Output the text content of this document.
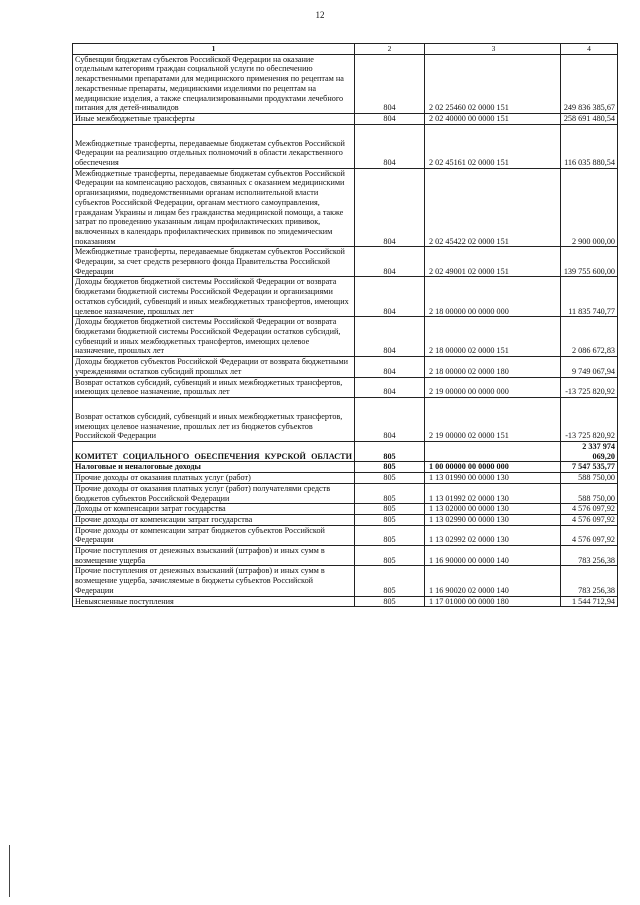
12
1	2	3	4
Субвенции бюджетам субъектов Российской Федерации на оказание отдельным категориям граждан социальной услуги по обеспечению лекарственными препаратами для медицинского применения по рецептам на лекарственные препараты, медицинскими изделиями по рецептам на медицинские изделия, а также специализированными продуктами лечебного питания для детей-инвалидов	804	2 02 25460 02 0000 151	249 836 385,67
Иные межбюджетные трансферты	804	2 02 40000 00 0000 151	258 691 480,54
Межбюджетные трансферты, передаваемые бюджетам субъектов Российской Федерации на реализацию отдельных полномочий в области лекарственного обеспечения	804	2 02 45161 02 0000 151	116 035 880,54
Межбюджетные трансферты, передаваемые бюджетам субъектов Российской Федерации на компенсацию расходов, связанных с оказанием медицинскими организациями, подведомственными органам исполнительной власти субъектов Российской Федерации, органам местного самоуправления, гражданам Украины и лицам без гражданства медицинской помощи, а также затрат по проведению указанным лицам профилактических прививок, включенных в календарь профилактических прививок по эпидемическим показаниям	804	2 02 45422 02 0000 151	2 900 000,00
Межбюджетные трансферты, передаваемые бюджетам субъектов Российской Федерации, за счет средств резервного фонда Правительства Российской Федерации	804	2 02 49001 02 0000 151	139 755 600,00
Доходы бюджетов бюджетной системы Российской Федерации от возврата бюджетами бюджетной системы Российской Федерации и организациями остатков субсидий, субвенций и иных межбюджетных трансфертов, имеющих целевое назначение, прошлых лет	804	2 18 00000 00 0000 000	11 835 740,77
Доходы бюджетов бюджетной системы Российской Федерации от возврата бюджетами бюджетной системы Российской Федерации остатков субсидий, субвенций и иных межбюджетных трансфертов, имеющих целевое назначение, прошлых лет	804	2 18 00000 02 0000 151	2 086 672,83
Доходы бюджетов субъектов Российской Федерации от возврата бюджетными учреждениями остатков субсидий прошлых лет	804	2 18 00000 02 0000 180	9 749 067,94
Возврат остатков субсидий, субвенций и иных межбюджетных трансфертов, имеющих целевое назначение, прошлых лет	804	2 19 00000 00 0000 000	-13 725 820,92
Возврат остатков субсидий, субвенций и иных межбюджетных трансфертов, имеющих целевое назначение, прошлых лет из бюджетов субъектов Российской Федерации	804	2 19 00000 02 0000 151	-13 725 820,92
КОМИТЕТ СОЦИАЛЬНОГО ОБЕСПЕЧЕНИЯ КУРСКОЙ ОБЛАСТИ	805		2 337 974 069,20
Налоговые и неналоговые доходы	805	1 00 00000 00 0000 000	7 547 535,77
Прочие доходы от оказания платных услуг (работ)	805	1 13 01990 00 0000 130	588 750,00
Прочие доходы от оказания платных услуг (работ) получателями средств бюджетов субъектов Российской Федерации	805	1 13 01992 02 0000 130	588 750,00
Доходы от компенсации затрат государства	805	1 13 02000 00 0000 130	4 576 097,92
Прочие доходы от компенсации затрат государства	805	1 13 02990 00 0000 130	4 576 097,92
Прочие доходы от компенсации затрат бюджетов субъектов Российской Федерации	805	1 13 02992 02 0000 130	4 576 097,92
Прочие поступления от денежных взысканий (штрафов) и иных сумм в возмещение ущерба	805	1 16 90000 00 0000 140	783 256,38
Прочие поступления от денежных взысканий (штрафов) и иных сумм в возмещение ущерба, зачисляемые в бюджеты субъектов Российской Федерации	805	1 16 90020 02 0000 140	783 256,38
Невыясненные поступления	805	1 17 01000 00 0000 180	1 544 712,94
